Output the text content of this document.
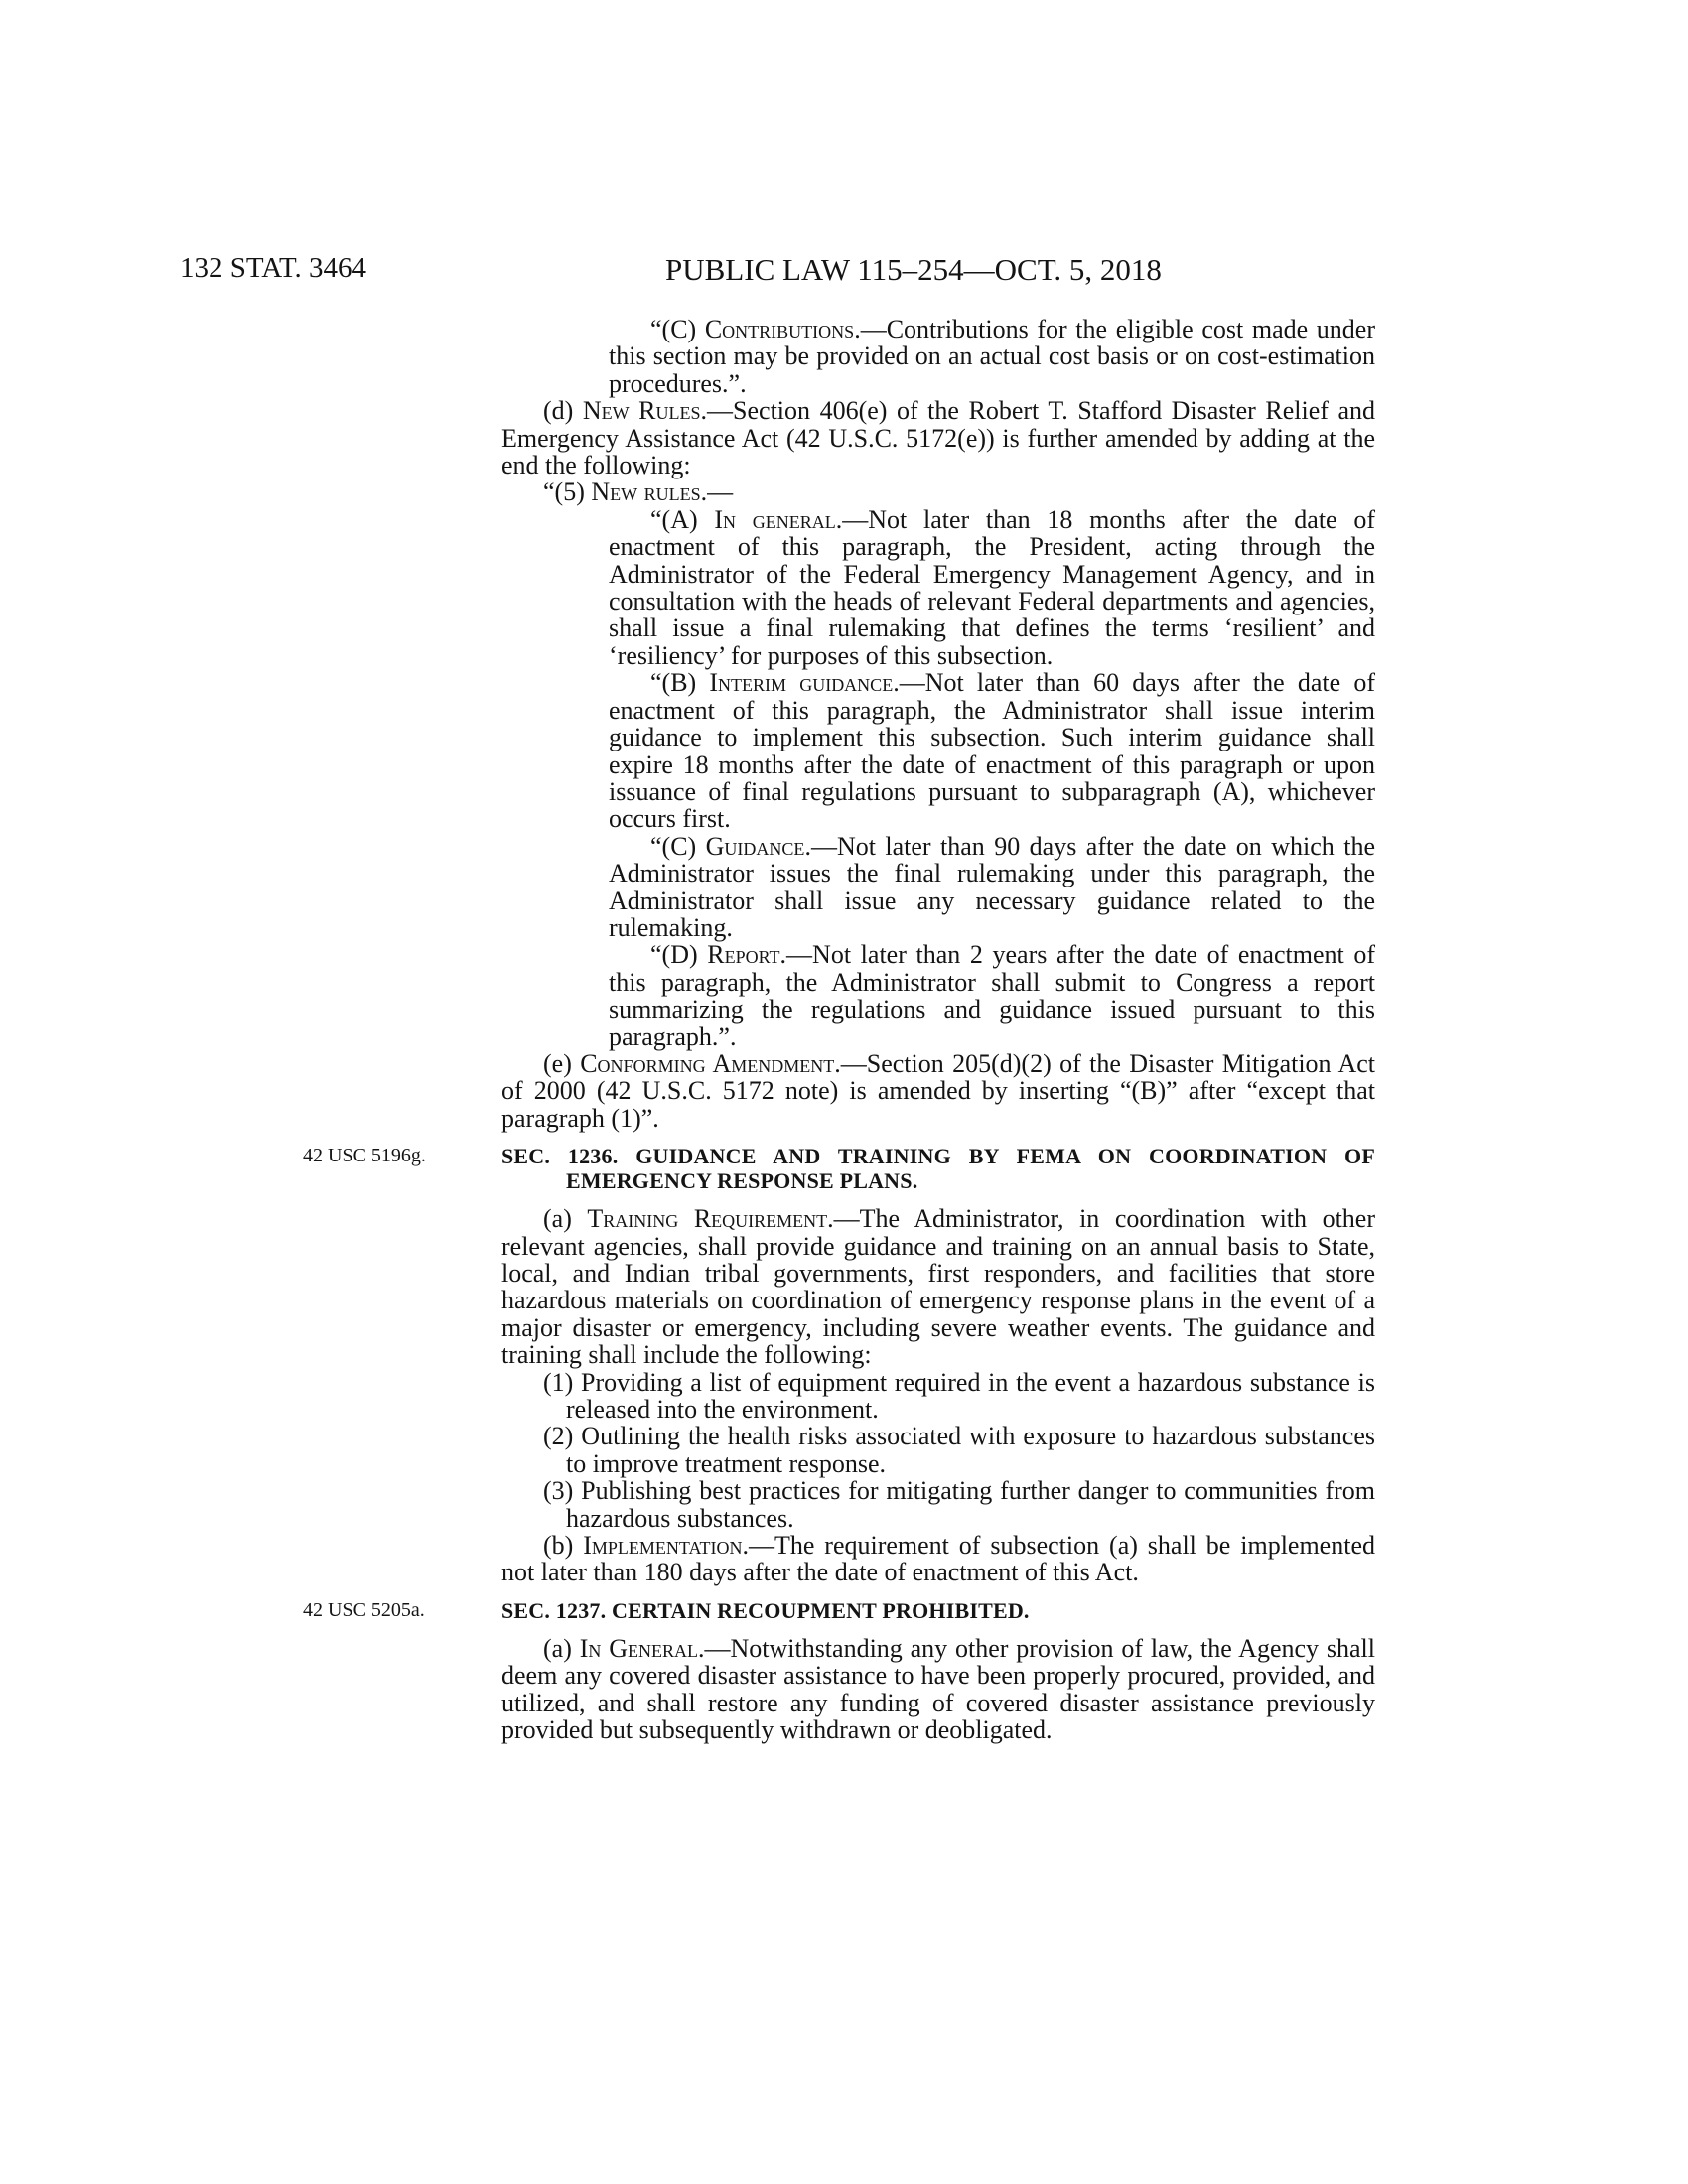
132 STAT. 3464	PUBLIC LAW 115–254—OCT. 5, 2018

“(C) Contributions.—Contributions for the eligible cost made under this section may be provided on an actual cost basis or on cost-estimation procedures.”.

(d) New Rules.—Section 406(e) of the Robert T. Stafford Disaster Relief and Emergency Assistance Act (42 U.S.C. 5172(e)) is further amended by adding at the end the following:

“(5) New rules.—

“(A) In general.—Not later than 18 months after the date of enactment of this paragraph, the President, acting through the Administrator of the Federal Emergency Management Agency, and in consultation with the heads of relevant Federal departments and agencies, shall issue a final rulemaking that defines the terms ‘resilient’ and ‘resiliency’ for purposes of this subsection.

“(B) Interim guidance.—Not later than 60 days after the date of enactment of this paragraph, the Administrator shall issue interim guidance to implement this subsection. Such interim guidance shall expire 18 months after the date of enactment of this paragraph or upon issuance of final regulations pursuant to subparagraph (A), whichever occurs first.

“(C) Guidance.—Not later than 90 days after the date on which the Administrator issues the final rulemaking under this paragraph, the Administrator shall issue any necessary guidance related to the rulemaking.

“(D) Report.—Not later than 2 years after the date of enactment of this paragraph, the Administrator shall submit to Congress a report summarizing the regulations and guidance issued pursuant to this paragraph.”.

(e) Conforming Amendment.—Section 205(d)(2) of the Disaster Mitigation Act of 2000 (42 U.S.C. 5172 note) is amended by inserting “(B)” after “except that paragraph (1)”.

42 USC 5196g.	SEC. 1236. GUIDANCE AND TRAINING BY FEMA ON COORDINATION OF EMERGENCY RESPONSE PLANS.

(a) Training Requirement.—The Administrator, in coordination with other relevant agencies, shall provide guidance and training on an annual basis to State, local, and Indian tribal governments, first responders, and facilities that store hazardous materials on coordination of emergency response plans in the event of a major disaster or emergency, including severe weather events. The guidance and training shall include the following:

(1) Providing a list of equipment required in the event a hazardous substance is released into the environment.

(2) Outlining the health risks associated with exposure to hazardous substances to improve treatment response.

(3) Publishing best practices for mitigating further danger to communities from hazardous substances.

(b) Implementation.—The requirement of subsection (a) shall be implemented not later than 180 days after the date of enactment of this Act.

42 USC 5205a.	SEC. 1237. CERTAIN RECOUPMENT PROHIBITED.

(a) In General.—Notwithstanding any other provision of law, the Agency shall deem any covered disaster assistance to have been properly procured, provided, and utilized, and shall restore any funding of covered disaster assistance previously provided but subsequently withdrawn or deobligated.
